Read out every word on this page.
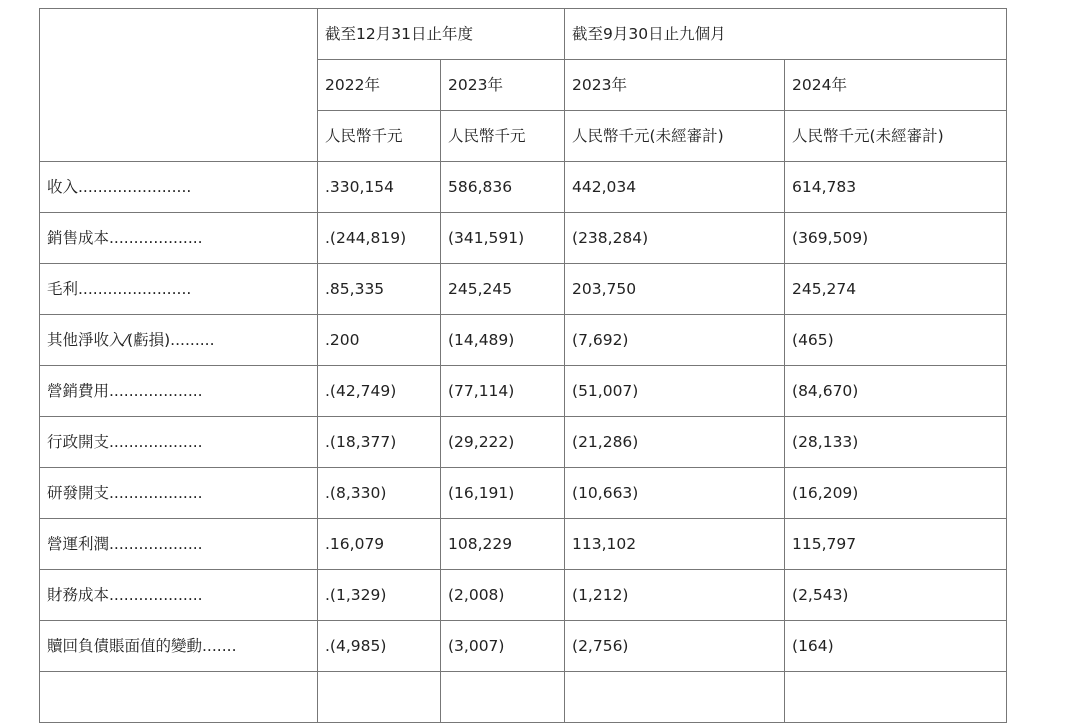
	截至12月31日止年度		截至9月30日止九個月	
	2022年	2023年	2023年	2024年
	人民幣千元	人民幣千元	人民幣千元(未經審計)	人民幣千元(未經審計)
收入.......................	.330,154	586,836	442,034	614,783
銷售成本...................	.(244,819)	(341,591)	(238,284)	(369,509)
毛利.......................	.85,335	245,245	203,750	245,274
其他淨收入⁄(虧損).........	.200	(14,489)	(7,692)	(465)
營銷費用...................	.(42,749)	(77,114)	(51,007)	(84,670)
行政開支...................	.(18,377)	(29,222)	(21,286)	(28,133)
研發開支...................	.(8,330)	(16,191)	(10,663)	(16,209)
營運利潤...................	.16,079	108,229	113,102	115,797
財務成本...................	.(1,329)	(2,008)	(1,212)	(2,543)
贖回負債賬面值的變動.......	.(4,985)	(3,007)	(2,756)	(164)
